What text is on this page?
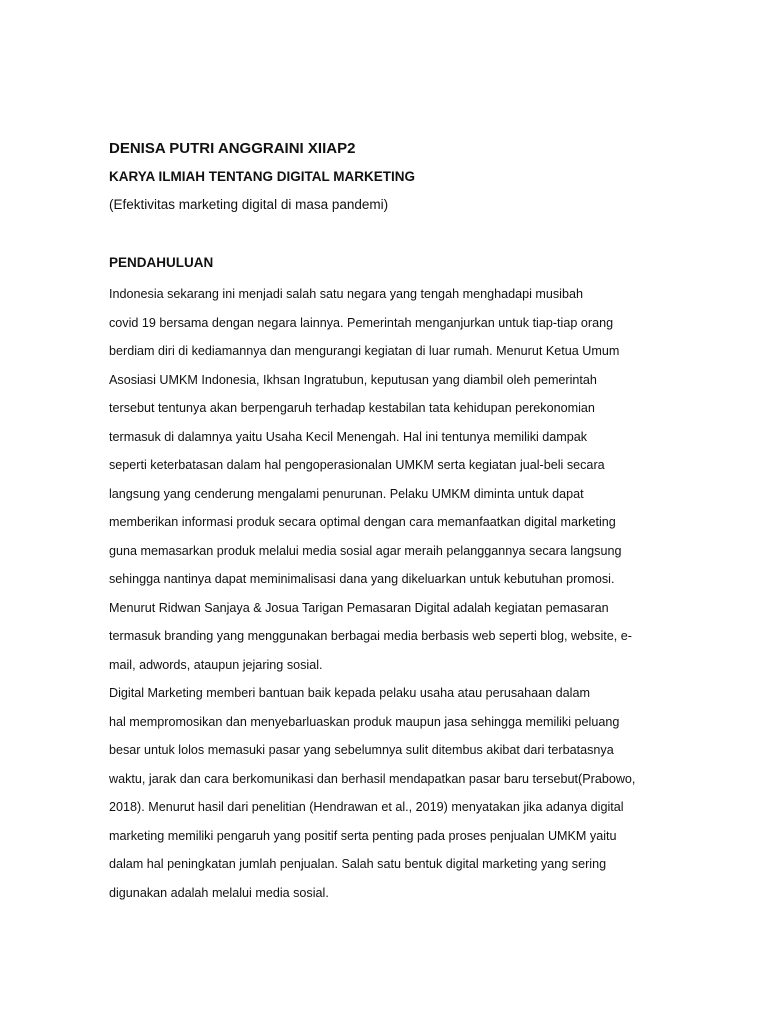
DENISA PUTRI ANGGRAINI XIIAP2
KARYA ILMIAH TENTANG DIGITAL MARKETING

(Efektivitas marketing digital di masa pandemi)

PENDAHULUAN
Indonesia sekarang ini menjadi salah satu negara yang tengah menghadapi musibah
covid 19 bersama dengan negara lainnya. Pemerintah menganjurkan untuk tiap-tiap orang
berdiam diri di kediamannya dan mengurangi kegiatan di luar rumah. Menurut Ketua Umum
Asosiasi UMKM Indonesia, Ikhsan Ingratubun, keputusan yang diambil oleh pemerintah
tersebut tentunya akan berpengaruh terhadap kestabilan tata kehidupan perekonomian
termasuk di dalamnya yaitu Usaha Kecil Menengah. Hal ini tentunya memiliki dampak
seperti keterbatasan dalam hal pengoperasionalan UMKM serta kegiatan jual-beli secara
langsung yang cenderung mengalami penurunan. Pelaku UMKM diminta untuk dapat
memberikan informasi produk secara optimal dengan cara memanfaatkan digital marketing
guna memasarkan produk melalui media sosial agar meraih pelanggannya secara langsung
sehingga nantinya dapat meminimalisasi dana yang dikeluarkan untuk kebutuhan promosi.
Menurut Ridwan Sanjaya & Josua Tarigan Pemasaran Digital adalah kegiatan pemasaran
termasuk branding yang menggunakan berbagai media berbasis web seperti blog, website, e-
mail, adwords, ataupun jejaring sosial.
Digital Marketing memberi bantuan baik kepada pelaku usaha atau perusahaan dalam
hal mempromosikan dan menyebarluaskan produk maupun jasa sehingga memiliki peluang
besar untuk lolos memasuki pasar yang sebelumnya sulit ditembus akibat dari terbatasnya
waktu, jarak dan cara berkomunikasi dan berhasil mendapatkan pasar baru tersebut(Prabowo,
2018). Menurut hasil dari penelitian (Hendrawan et al., 2019) menyatakan jika adanya digital
marketing memiliki pengaruh yang positif serta penting pada proses penjualan UMKM yaitu
dalam hal peningkatan jumlah penjualan. Salah satu bentuk digital marketing yang sering
digunakan adalah melalui media sosial.
